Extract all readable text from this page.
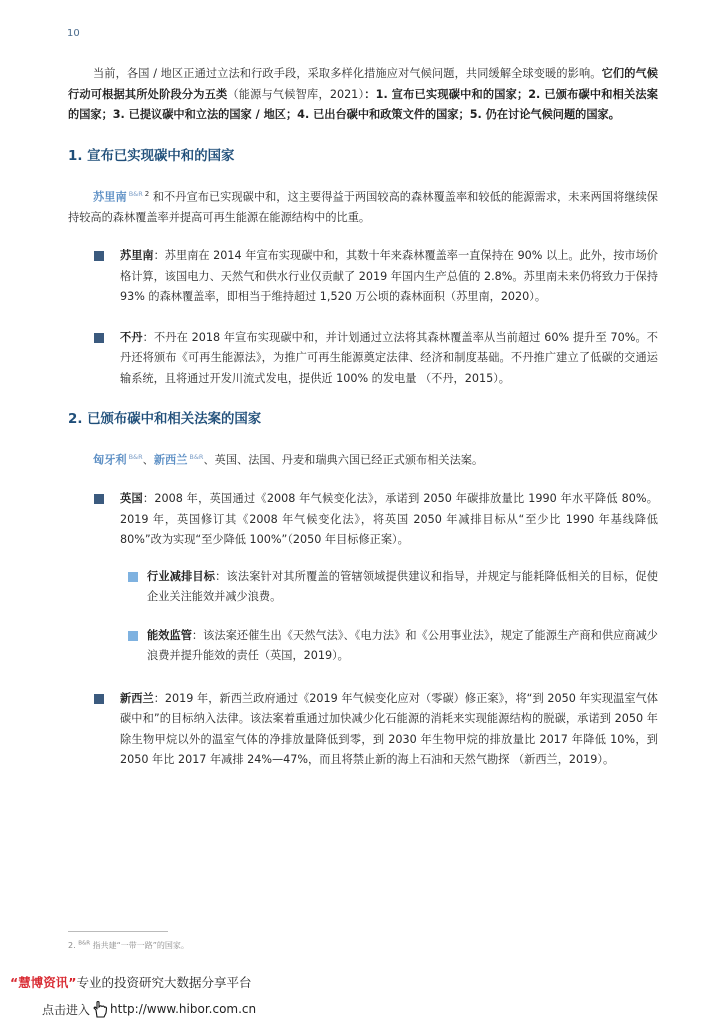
10

当前，各国 / 地区正通过立法和行政手段，采取多样化措施应对气候问题，共同缓解全球变暖的影响。它们的气候行动可根据其所处阶段分为五类（能源与气候智库，2021）：1. 宣布已实现碳中和的国家；2. 已颁布碳中和相关法案的国家；3. 已提议碳中和立法的国家 / 地区；4. 已出台碳中和政策文件的国家；5. 仍在讨论气候问题的国家。

1. 宣布已实现碳中和的国家

苏里南 $^{B\&R}$ $^2$ 和不丹宣布已实现碳中和，这主要得益于两国较高的森林覆盖率和较低的能源需求，未来两国将继续保持较高的森林覆盖率并提高可再生能源在能源结构中的比重。

苏里南：苏里南在 2014 年宣布实现碳中和，其数十年来森林覆盖率一直保持在 90% 以上。此外，按市场价格计算，该国电力、天然气和供水行业仅贡献了 2019 年国内生产总值的 2.8%。苏里南未来仍将致力于保持 93% 的森林覆盖率，即相当于维持超过 1,520 万公顷的森林面积（苏里南，2020）。

不丹：不丹在 2018 年宣布实现碳中和，并计划通过立法将其森林覆盖率从当前超过 60% 提升至 70%。不丹还将颁布《可再生能源法》，为推广可再生能源奠定法律、经济和制度基础。不丹推广建立了低碳的交通运输系统，且将通过开发川流式发电，提供近 100% 的发电量 （不丹，2015）。

2. 已颁布碳中和相关法案的国家

匈牙利 $^{B\&R}$、新西兰 $^{B\&R}$、英国、法国、丹麦和瑞典六国已经正式颁布相关法案。

英国：2008 年，英国通过《2008 年气候变化法》，承诺到 2050 年碳排放量比 1990 年水平降低 80%。2019 年，英国修订其《2008 年气候变化法》，将英国 2050 年减排目标从“至少比 1990 年基线降低 80%”改为实现“至少降低 100%”（2050 年目标修正案）。

行业减排目标：该法案针对其所覆盖的管辖领域提供建议和指导，并规定与能耗降低相关的目标，促使企业关注能效并减少浪费。

能效监管：该法案还催生出《天然气法》、《电力法》和《公用事业法》，规定了能源生产商和供应商减少浪费并提升能效的责任（英国，2019）。

新西兰：2019 年，新西兰政府通过《2019 年气候变化应对（零碳）修正案》，将“到 2050 年实现温室气体碳中和”的目标纳入法律。该法案着重通过加快减少化石能源的消耗来实现能源结构的脱碳，承诺到 2050 年除生物甲烷以外的温室气体的净排放量降低到零，到 2030 年生物甲烷的排放量比 2017 年降低 10%，到 2050 年比 2017 年减排 24%—47%，而且将禁止新的海上石油和天然气勘探 （新西兰，2019）。

2. $^{B\&R}$ 指共建“一带一路”的国家。
“慧博资讯”专业的投资研究大数据分享平台
点击进入 http://www.hibor.com.cn
